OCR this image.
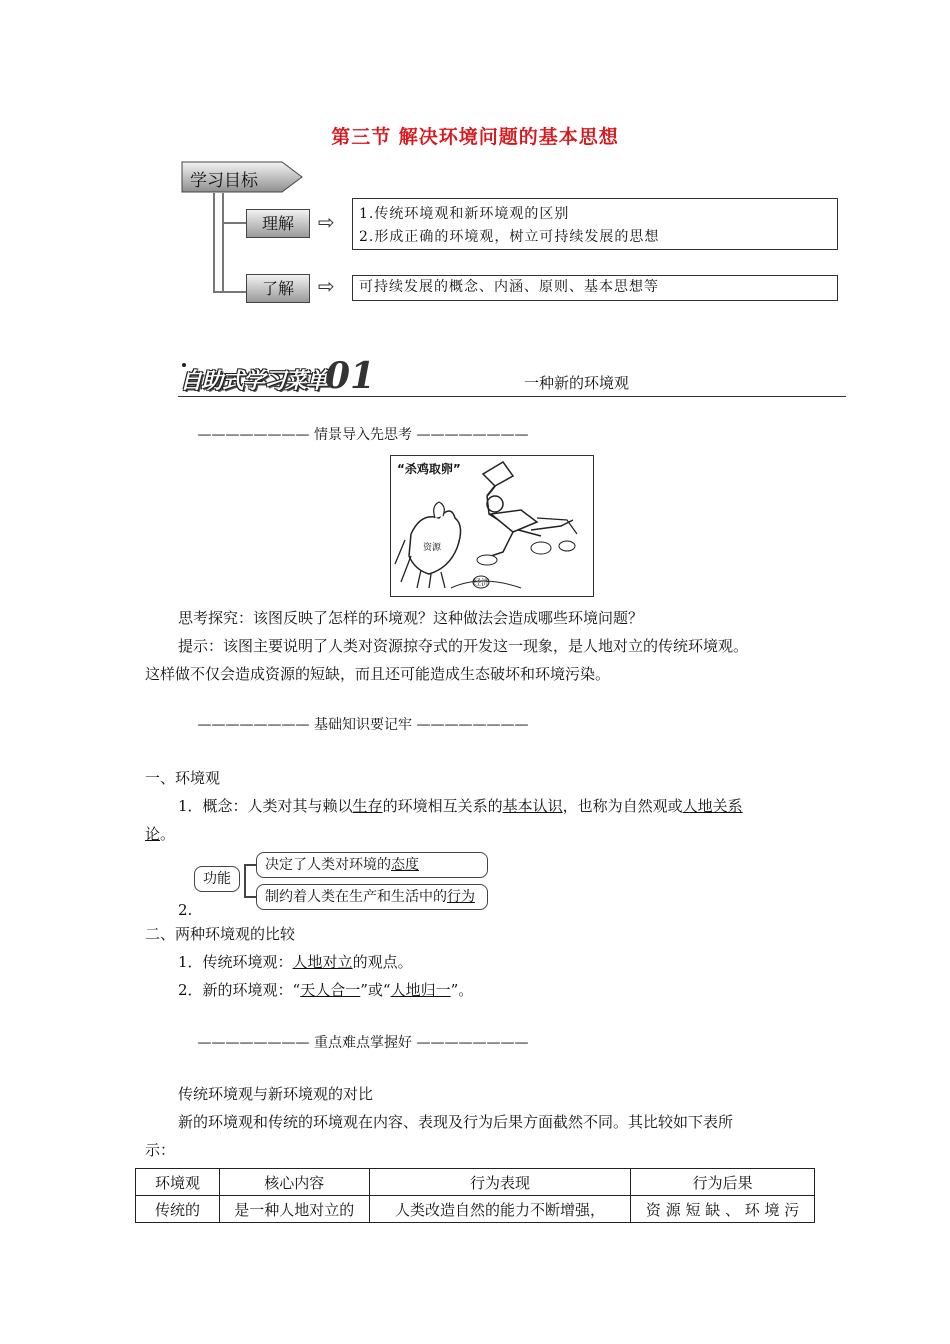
第三节 解决环境问题的基本思想
学习目标
理解	⇨ 1.传统环境观和新环境观的区别
2.形成正确的环境观，树立可持续发展的思想
了解	⇨ 可持续发展的概念、内涵、原则、基本思想等
自助式学习菜单
01	一种新的环境观
———————— 情景导入先思考 ————————
“杀鸡取卵”
资源
经济
思考探究：该图反映了怎样的环境观？这种做法会造成哪些环境问题？
提示：该图主要说明了人类对资源掠夺式的开发这一现象，是人地对立的传统环境观。
这样做不仅会造成资源的短缺，而且还可能造成生态破坏和环境污染。
———————— 基础知识要记牢 ————————
一、环境观
1．概念：人类对其与赖以生存的环境相互关系的基本认识，也称为自然观或人地关系
论。
2.
功能
决定了人类对环境的态度
制约着人类在生产和生活中的行为
二、两种环境观的比较
1．传统环境观：人地对立的观点。
2．新的环境观：“天人合一”或“人地归一”。
———————— 重点难点掌握好 ————————
传统环境观与新环境观的对比
新的环境观和传统的环境观在内容、表现及行为后果方面截然不同。其比较如下表所
示：
环境观	核心内容	行为表现	行为后果
传统的	是一种人地对立的	人类改造自然的能力不断增强，	资 源 短 缺 、 环 境 污
